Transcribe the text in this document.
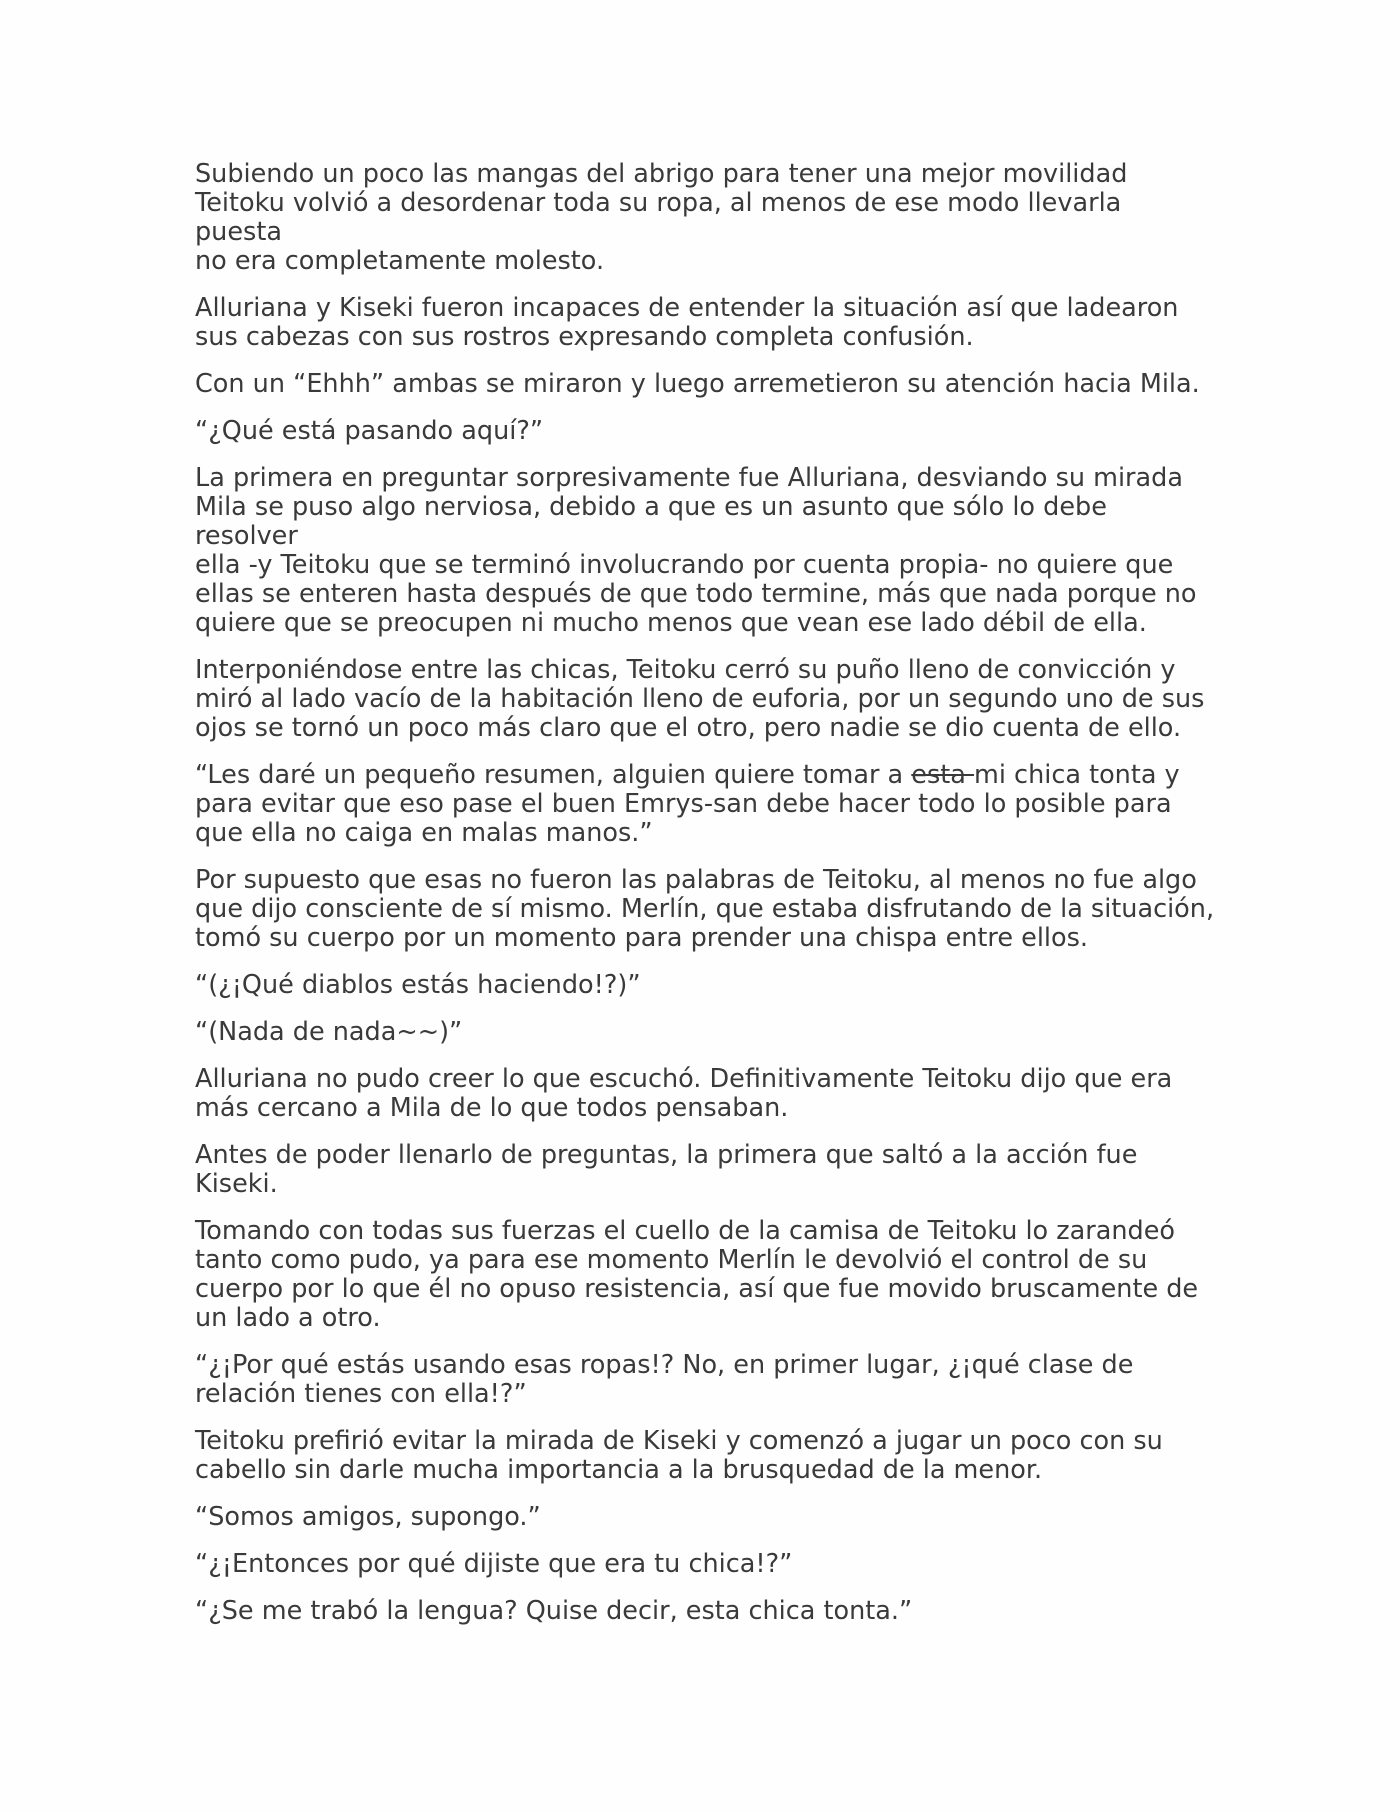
Subiendo un poco las mangas del abrigo para tener una mejor movilidad
Teitoku volvió a desordenar toda su ropa, al menos de ese modo llevarla puesta
no era completamente molesto.

Alluriana y Kiseki fueron incapaces de entender la situación así que ladearon
sus cabezas con sus rostros expresando completa confusión.

Con un “Ehhh” ambas se miraron y luego arremetieron su atención hacia Mila.

“¿Qué está pasando aquí?”

La primera en preguntar sorpresivamente fue Alluriana, desviando su mirada
Mila se puso algo nerviosa, debido a que es un asunto que sólo lo debe resolver
ella -y Teitoku que se terminó involucrando por cuenta propia- no quiere que
ellas se enteren hasta después de que todo termine, más que nada porque no
quiere que se preocupen ni mucho menos que vean ese lado débil de ella.

Interponiéndose entre las chicas, Teitoku cerró su puño lleno de convicción y
miró al lado vacío de la habitación lleno de euforia, por un segundo uno de sus
ojos se tornó un poco más claro que el otro, pero nadie se dio cuenta de ello.

“Les daré un pequeño resumen, alguien quiere tomar a esta mi chica tonta y
para evitar que eso pase el buen Emrys-san debe hacer todo lo posible para
que ella no caiga en malas manos.”

Por supuesto que esas no fueron las palabras de Teitoku, al menos no fue algo
que dijo consciente de sí mismo. Merlín, que estaba disfrutando de la situación,
tomó su cuerpo por un momento para prender una chispa entre ellos.

“(¿¡Qué diablos estás haciendo!?)”

“(Nada de nada~~)”

Alluriana no pudo creer lo que escuchó. Definitivamente Teitoku dijo que era
más cercano a Mila de lo que todos pensaban.

Antes de poder llenarlo de preguntas, la primera que saltó a la acción fue
Kiseki.

Tomando con todas sus fuerzas el cuello de la camisa de Teitoku lo zarandeó
tanto como pudo, ya para ese momento Merlín le devolvió el control de su
cuerpo por lo que él no opuso resistencia, así que fue movido bruscamente de
un lado a otro.

“¿¡Por qué estás usando esas ropas!? No, en primer lugar, ¿¡qué clase de
relación tienes con ella!?”

Teitoku prefirió evitar la mirada de Kiseki y comenzó a jugar un poco con su
cabello sin darle mucha importancia a la brusquedad de la menor.

“Somos amigos, supongo.”

“¿¡Entonces por qué dijiste que era tu chica!?”

“¿Se me trabó la lengua? Quise decir, esta chica tonta.”
